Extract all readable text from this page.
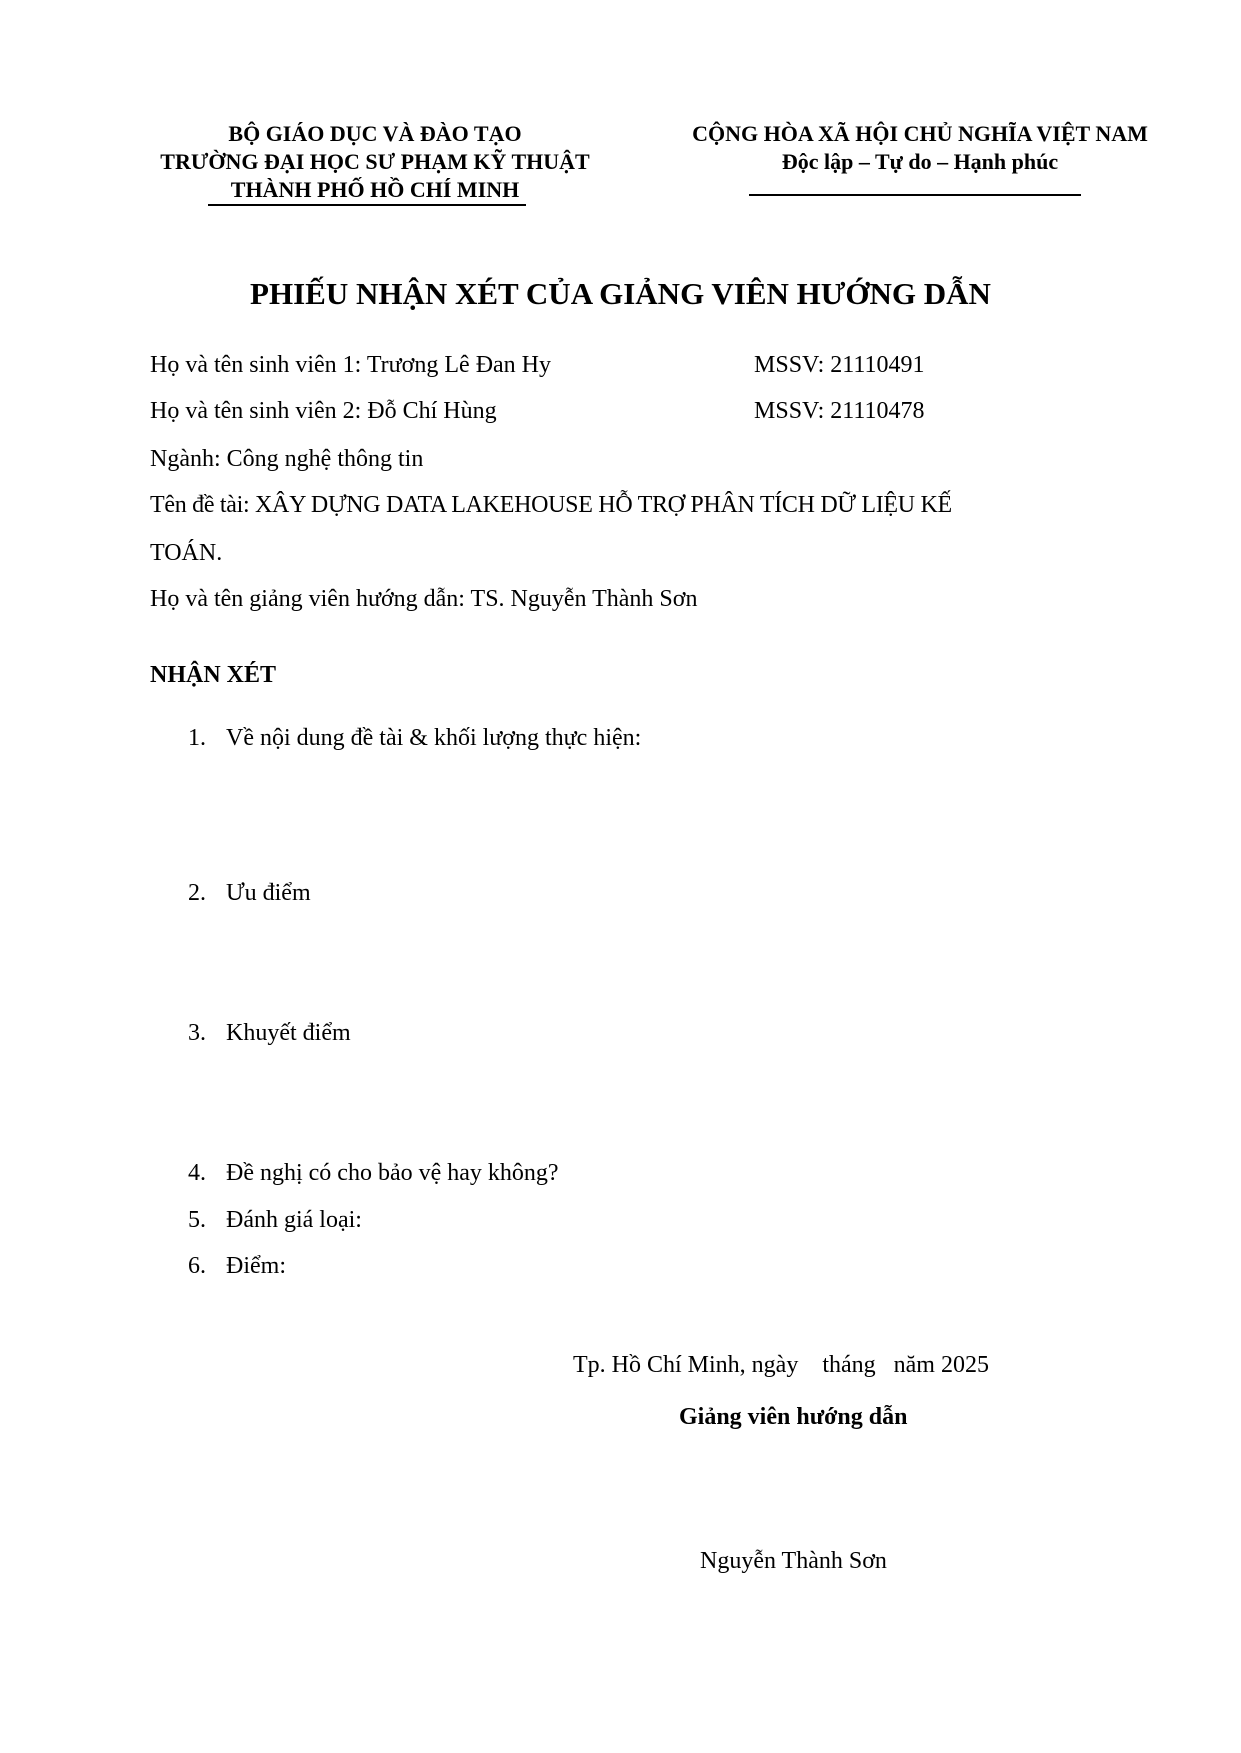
BỘ GIÁO DỤC VÀ ĐÀO TẠO
TRƯỜNG ĐẠI HỌC SƯ PHẠM KỸ THUẬT
THÀNH PHỐ HỒ CHÍ MINH
CỘNG HÒA XÃ HỘI CHỦ NGHĨA VIỆT NAM
Độc lập – Tự do – Hạnh phúc
PHIẾU NHẬN XÉT CỦA GIẢNG VIÊN HƯỚNG DẪN
Họ và tên sinh viên 1: Trương Lê Đan Hy	MSSV: 21110491
Họ và tên sinh viên 2: Đỗ Chí Hùng	MSSV: 21110478
Ngành: Công nghệ thông tin
Tên đề tài: XÂY DỰNG DATA LAKEHOUSE HỖ TRỢ PHÂN TÍCH DỮ LIỆU KẾ
TOÁN.
Họ và tên giảng viên hướng dẫn: TS. Nguyễn Thành Sơn
NHẬN XÉT
1. Về nội dung đề tài & khối lượng thực hiện:
2. Ưu điểm
3. Khuyết điểm
4. Đề nghị có cho bảo vệ hay không?
5. Đánh giá loại:
6. Điểm:
Tp. Hồ Chí Minh, ngày    tháng   năm 2025
Giảng viên hướng dẫn
Nguyễn Thành Sơn
